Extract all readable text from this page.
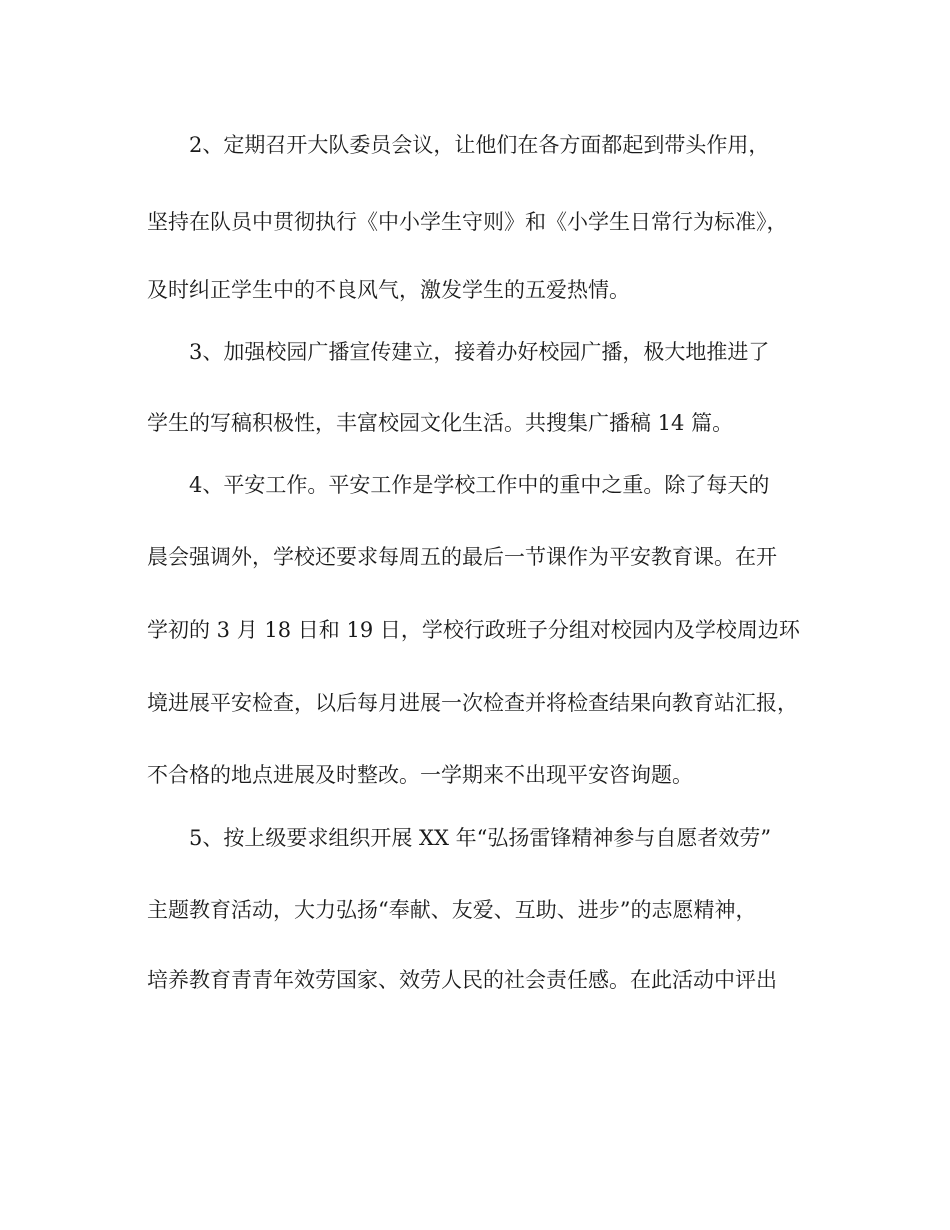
2、定期召开大队委员会议，让他们在各方面都起到带头作用，

坚持在队员中贯彻执行《中小学生守则》和《小学生日常行为标准》，

及时纠正学生中的不良风气，激发学生的五爱热情。

3、加强校园广播宣传建立，接着办好校园广播，极大地推进了

学生的写稿积极性，丰富校园文化生活。共搜集广播稿 14 篇。

4、平安工作。平安工作是学校工作中的重中之重。除了每天的

晨会强调外，学校还要求每周五的最后一节课作为平安教育课。在开

学初的 3 月 18 日和 19 日，学校行政班子分组对校园内及学校周边环

境进展平安检查，以后每月进展一次检查并将检查结果向教育站汇报，

不合格的地点进展及时整改。一学期来不出现平安咨询题。

5、按上级要求组织开展 XX 年“弘扬雷锋精神参与自愿者效劳”

主题教育活动，大力弘扬“奉献、友爱、互助、进步”的志愿精神，

培养教育青青年效劳国家、效劳人民的社会责任感。在此活动中评出
